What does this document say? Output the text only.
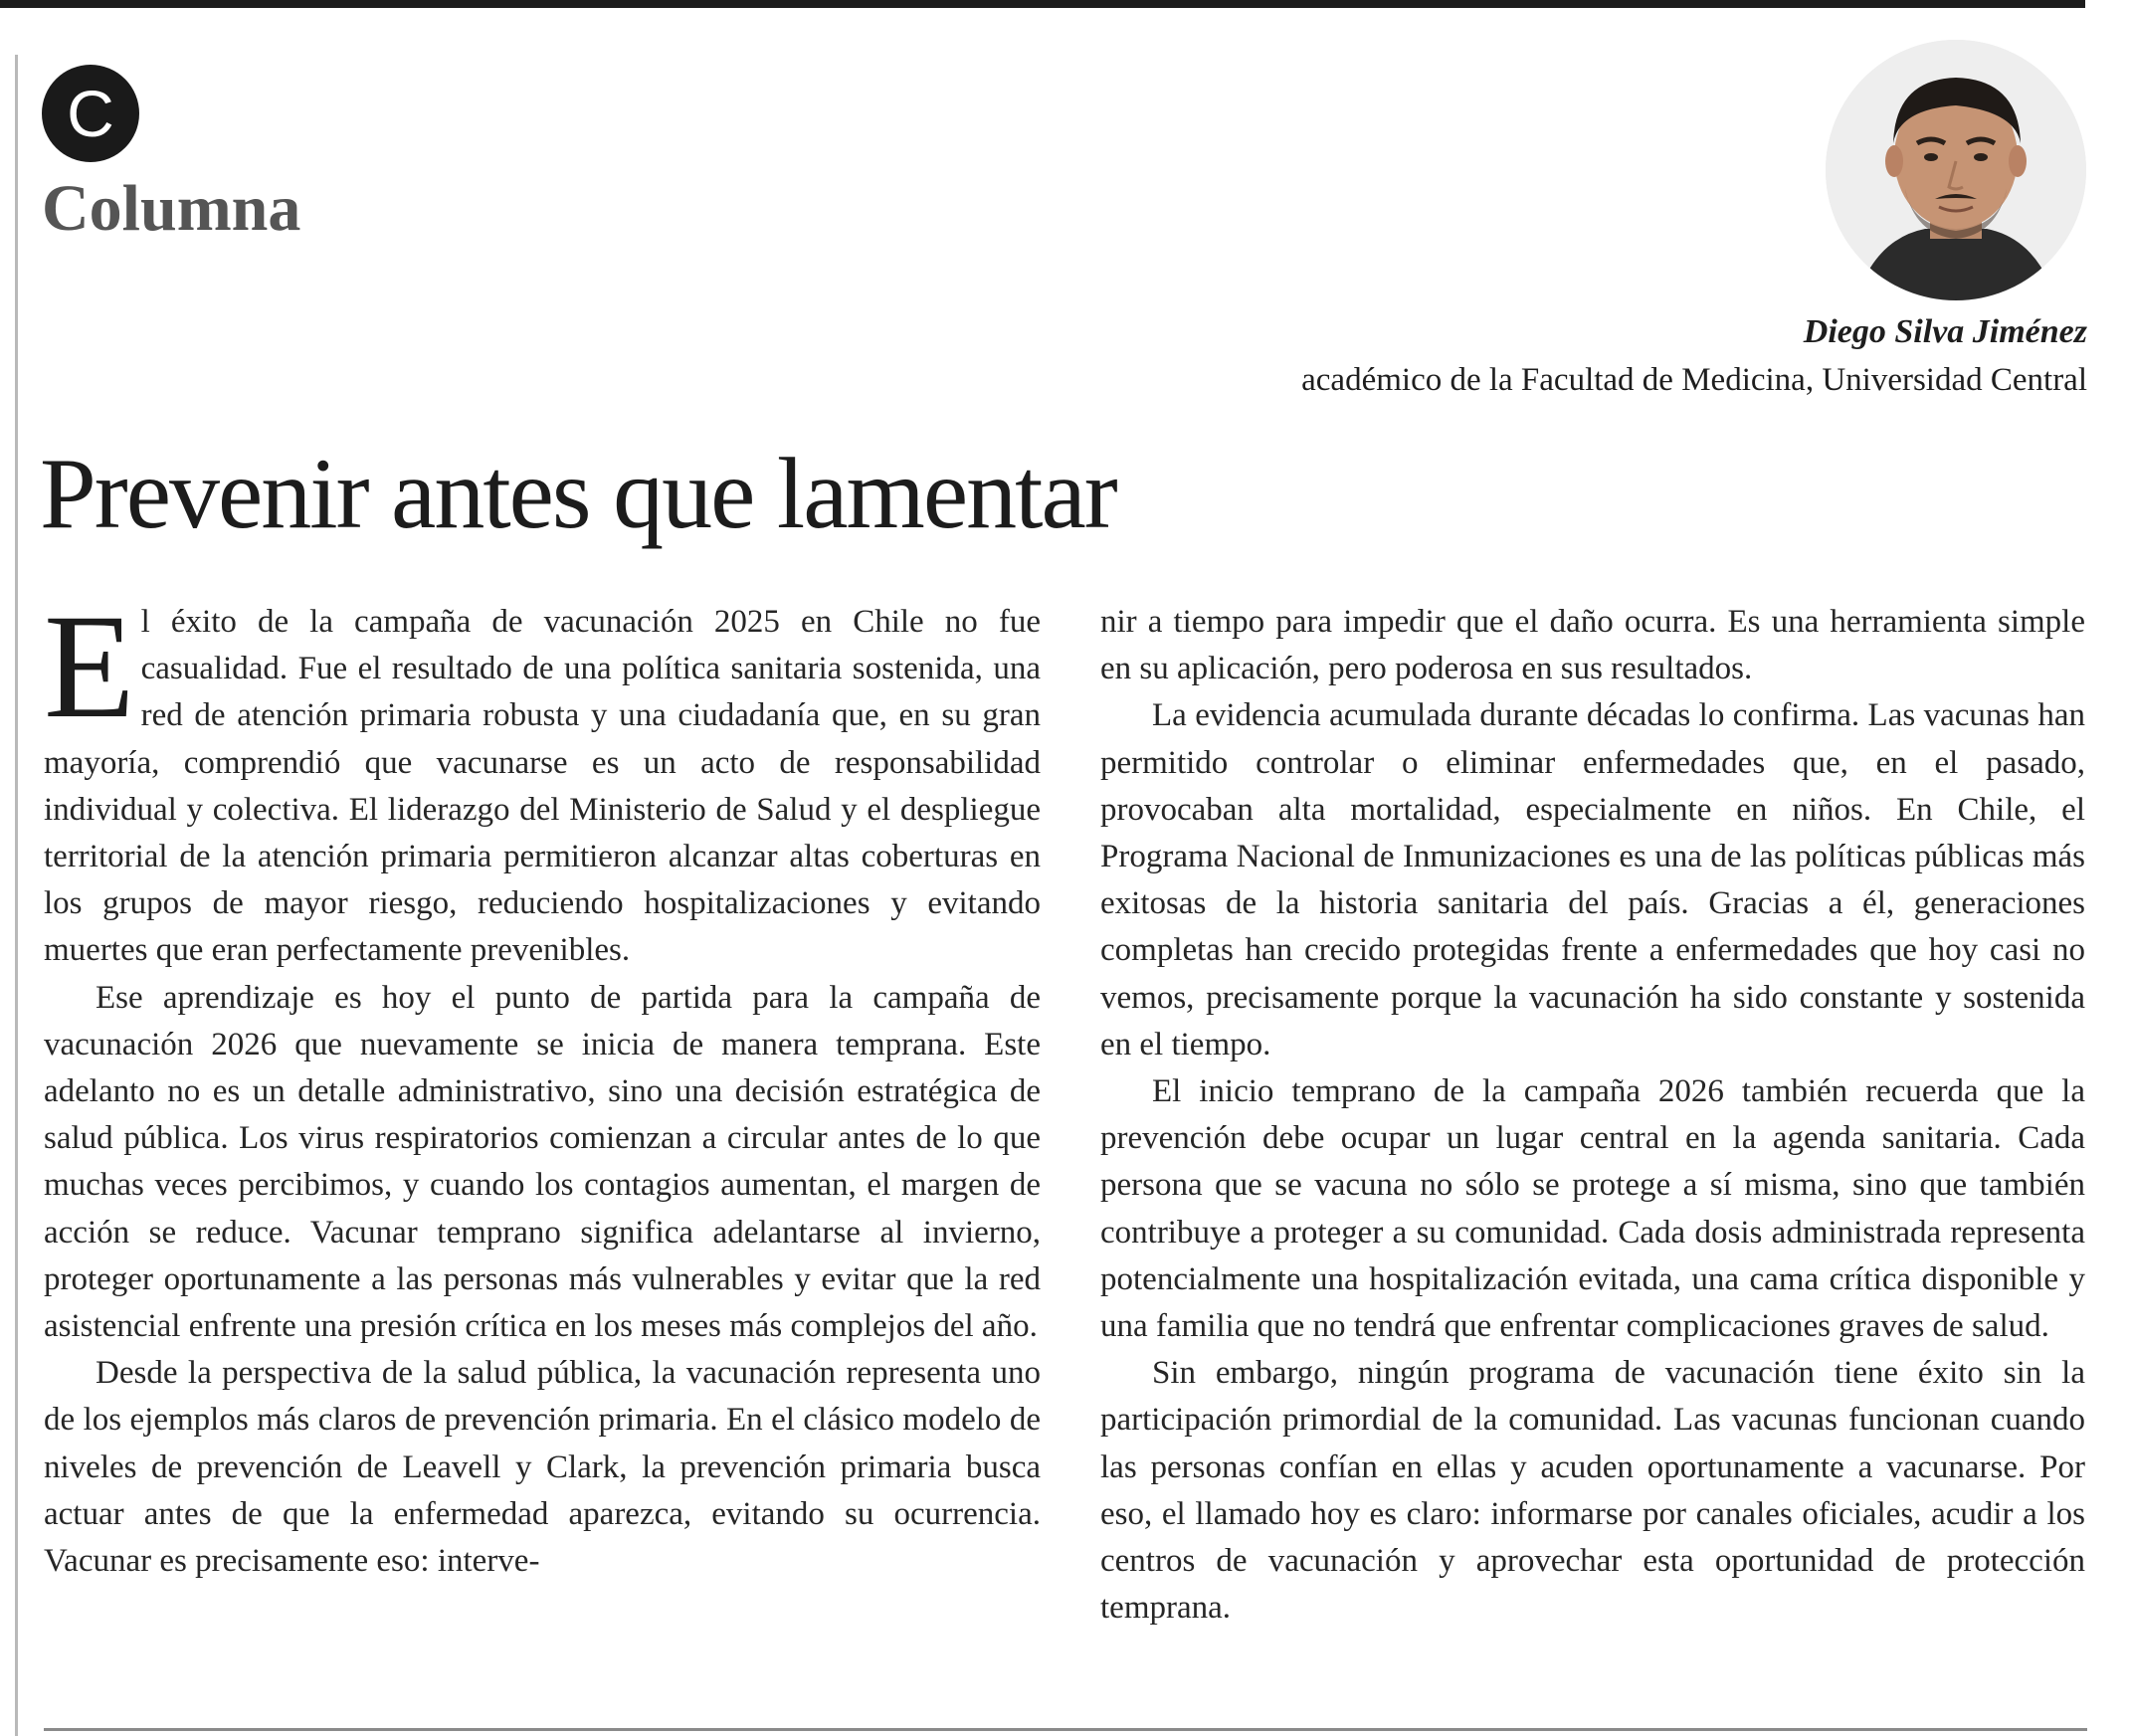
C
Columna

Diego Silva Jiménez

académico de la Facultad de Medicina, Universidad Central

Prevenir antes que lamentar

El éxito de la campaña de vacunación 2025 en Chile no fue casualidad. Fue el resultado de una política sanitaria sostenida, una red de atención primaria robusta y una ciudadanía que, en su gran mayoría, comprendió que vacunarse es un acto de responsabilidad individual y colectiva. El liderazgo del Ministerio de Salud y el despliegue territorial de la atención primaria permitieron alcanzar altas coberturas en los grupos de mayor riesgo, reduciendo hospitalizaciones y evitando muertes que eran perfectamente prevenibles.

Ese aprendizaje es hoy el punto de partida para la campaña de vacunación 2026 que nuevamente se inicia de manera temprana. Este adelanto no es un detalle administrativo, sino una decisión estratégica de salud pública. Los virus respiratorios comienzan a circular antes de lo que muchas veces percibimos, y cuando los contagios aumentan, el margen de acción se reduce. Vacunar temprano significa adelantarse al invierno, proteger oportunamente a las personas más vulnerables y evitar que la red asistencial enfrente una presión crítica en los meses más complejos del año.

Desde la perspectiva de la salud pública, la vacunación representa uno de los ejemplos más claros de prevención primaria. En el clásico modelo de niveles de prevención de Leavell y Clark, la prevención primaria busca actuar antes de que la enfermedad aparezca, evitando su ocurrencia. Vacunar es precisamente eso: interve-

nir a tiempo para impedir que el daño ocurra. Es una herramienta simple en su aplicación, pero poderosa en sus resultados.

La evidencia acumulada durante décadas lo confirma. Las vacunas han permitido controlar o eliminar enfermedades que, en el pasado, provocaban alta mortalidad, especialmente en niños. En Chile, el Programa Nacional de Inmunizaciones es una de las políticas públicas más exitosas de la historia sanitaria del país. Gracias a él, generaciones completas han crecido protegidas frente a enfermedades que hoy casi no vemos, precisamente porque la vacunación ha sido constante y sostenida en el tiempo.

El inicio temprano de la campaña 2026 también recuerda que la prevención debe ocupar un lugar central en la agenda sanitaria. Cada persona que se vacuna no sólo se protege a sí misma, sino que también contribuye a proteger a su comunidad. Cada dosis administrada representa potencialmente una hospitalización evitada, una cama crítica disponible y una familia que no tendrá que enfrentar complicaciones graves de salud.

Sin embargo, ningún programa de vacunación tiene éxito sin la participación primordial de la comunidad. Las vacunas funcionan cuando las personas confían en ellas y acuden oportunamente a vacunarse. Por eso, el llamado hoy es claro: informarse por canales oficiales, acudir a los centros de vacunación y aprovechar esta oportunidad de protección temprana.
